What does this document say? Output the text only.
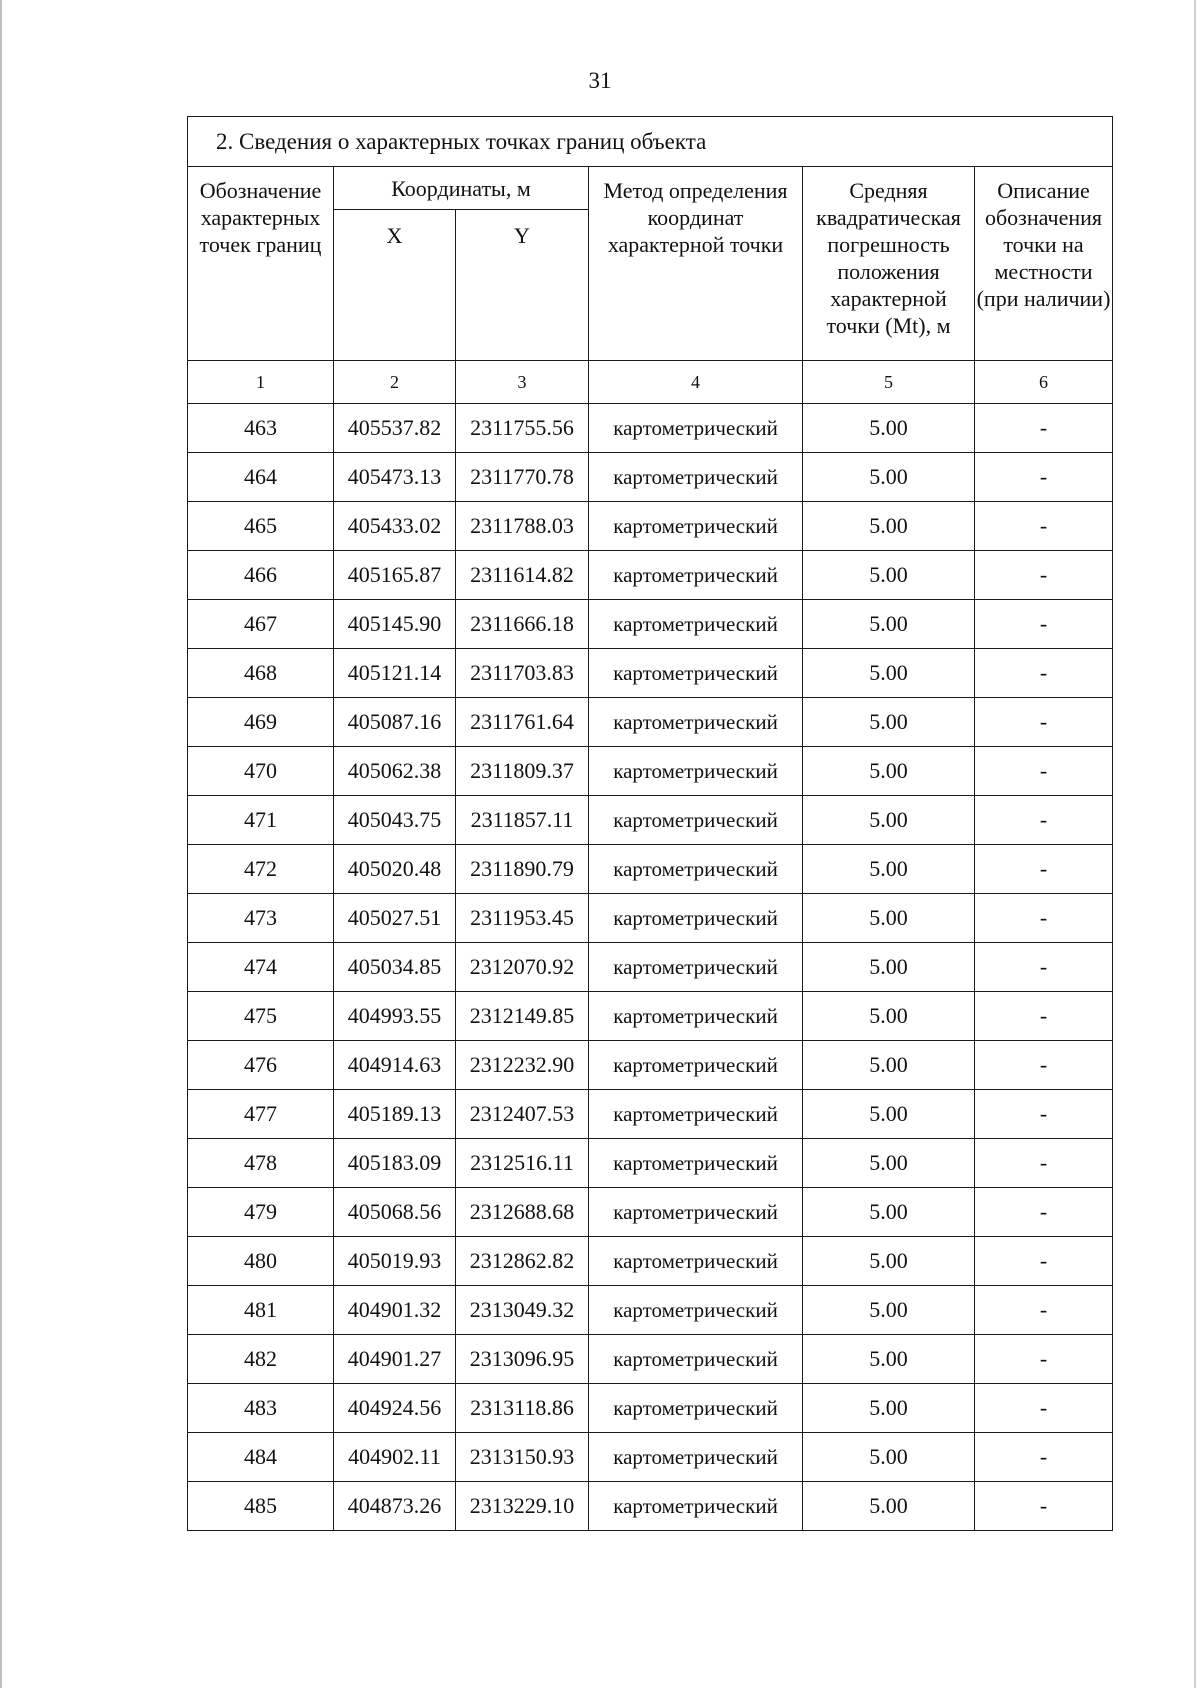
31
2. Сведения о характерных точках границ объекта					
Обозначение характерных точек границ	Координаты, м		Метод определения координат характерной точки	Средняя квадратическая погрешность положения характерной точки (Mt), м	Описание обозначения точки на местности (при наличии)
	X	Y			
1	2	3	4	5	6
463	405537.82	2311755.56	картометрический	5.00	-
464	405473.13	2311770.78	картометрический	5.00	-
465	405433.02	2311788.03	картометрический	5.00	-
466	405165.87	2311614.82	картометрический	5.00	-
467	405145.90	2311666.18	картометрический	5.00	-
468	405121.14	2311703.83	картометрический	5.00	-
469	405087.16	2311761.64	картометрический	5.00	-
470	405062.38	2311809.37	картометрический	5.00	-
471	405043.75	2311857.11	картометрический	5.00	-
472	405020.48	2311890.79	картометрический	5.00	-
473	405027.51	2311953.45	картометрический	5.00	-
474	405034.85	2312070.92	картометрический	5.00	-
475	404993.55	2312149.85	картометрический	5.00	-
476	404914.63	2312232.90	картометрический	5.00	-
477	405189.13	2312407.53	картометрический	5.00	-
478	405183.09	2312516.11	картометрический	5.00	-
479	405068.56	2312688.68	картометрический	5.00	-
480	405019.93	2312862.82	картометрический	5.00	-
481	404901.32	2313049.32	картометрический	5.00	-
482	404901.27	2313096.95	картометрический	5.00	-
483	404924.56	2313118.86	картометрический	5.00	-
484	404902.11	2313150.93	картометрический	5.00	-
485	404873.26	2313229.10	картометрический	5.00	-
